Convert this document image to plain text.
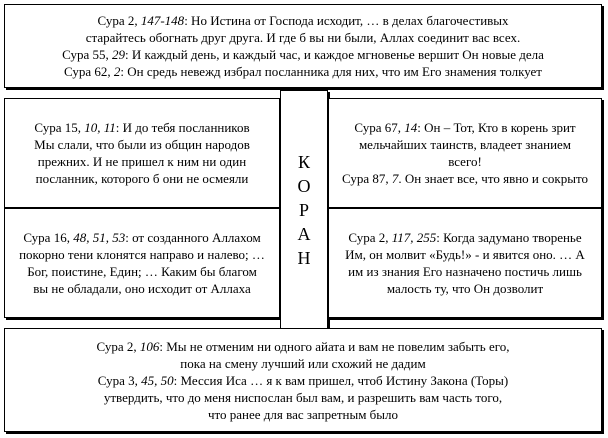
Сура 2, 147-148: Но Истина от Господа исходит, … в делах благочестивых
старайтесь обогнать друг друга. И где б вы ни были, Аллах соединит вас всех.
Сура 55, 29: И каждый день, и каждый час, и каждое мгновенье вершит Он новые дела
Сура 62, 2: Он средь невежд избрал посланника для них, что им Его знамения толкует
Сура 15, 10, 11: И до тебя посланников Мы слали, что были из общин народов прежних. И не пришел к ним ни один посланник, которого б они не осмеяли
Сура 16, 48, 51, 53: от созданного Аллахом покорно тени клонятся направо и налево; … Бог, поистине, Един; … Каким бы благом вы не обладали, оно исходит от Аллаха
К
О
Р
А
Н
Сура 67, 14: Он – Тот, Кто в корень зрит мельчайших таинств, владеет знанием всего!
Сура 87, 7. Он знает все, что явно и сокрыто
Сура 2, 117, 255: Когда задумано творенье Им, он молвит «Будь!» - и явится оно. … А им из знания Его назначено постичь лишь малость ту, что Он дозволит
Сура 2, 106: Мы не отменим ни одного айата и вам не повелим забыть его,
пока на смену лучший или схожий не дадим
Сура 3, 45, 50: Мессия Иса … я к вам пришел, чтоб Истину Закона (Торы)
утвердить, что до меня ниспослан был вам, и разрешить вам часть того,
что ранее для вас запретным было
